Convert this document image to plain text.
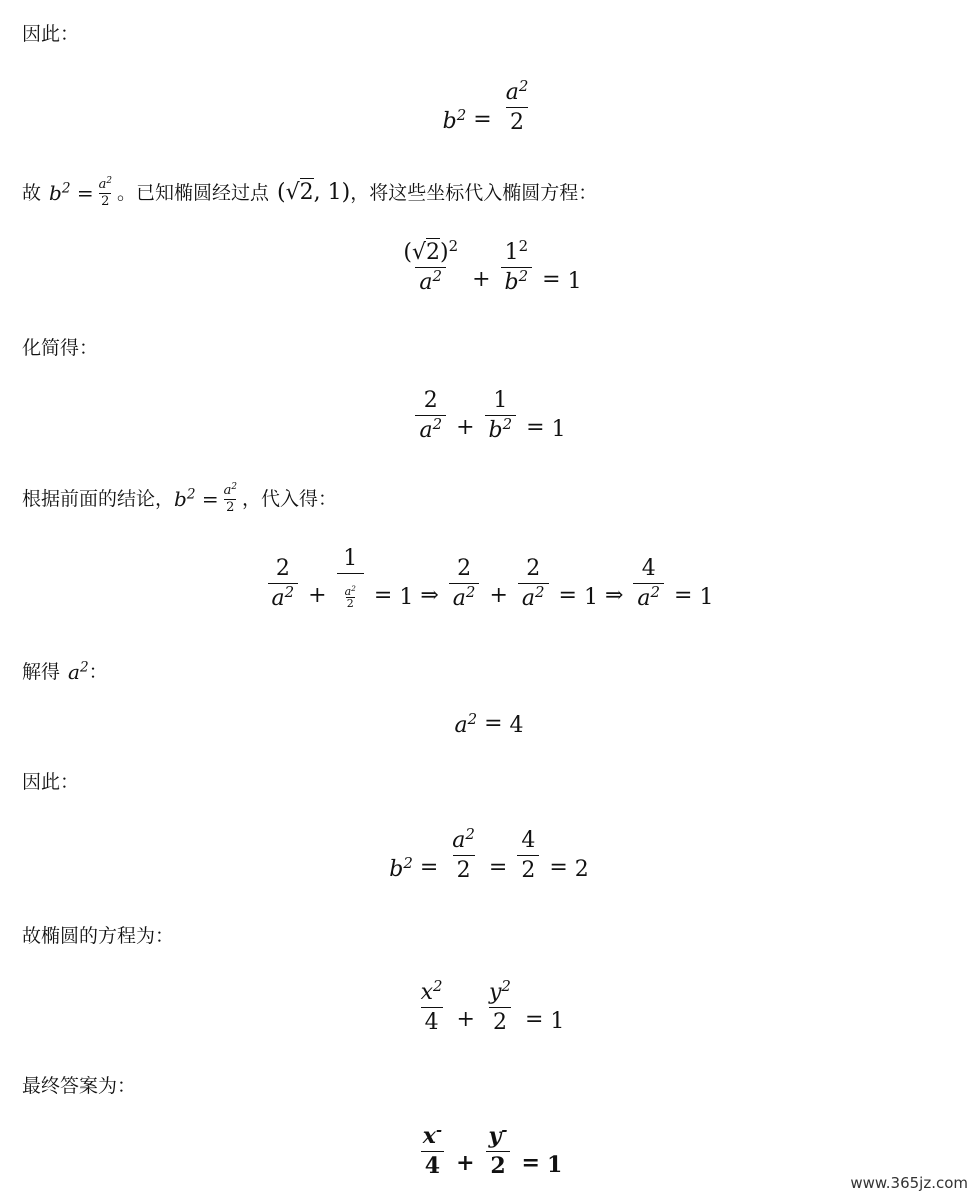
因此：
$b^2 = \frac{a^2}{2}$
故 $b^2 = \frac{a^2}{2}$ 。已知椭圆经过点 (√2, 1) ，将这些坐标代入椭圆方程：
$\frac{(√2)^2}{a^2} + \frac{1^2}{b^2} = 1$
化简得：
$\frac{2}{a^2} + \frac{1}{b^2} = 1$
根据前面的结论， $b^2 = \frac{a^2}{2}$ ，代入得：
$\frac{2}{a^2} + \frac{1}{\frac{a^2}{2}} = 1$ ⇒ $\frac{2}{a^2} + \frac{2}{a^2} = 1$ ⇒ $\frac{4}{a^2} = 1$
解得 $a^2$ ：
$a^2 = 4$
因此：
$b^2 = \frac{a^2}{2} = \frac{4}{2} = 2$
故椭圆的方程为：
$\frac{x^2}{4} + \frac{y^2}{2} = 1$
最终答案为：
$\frac{x^-}{4} + \frac{y^-}{2} = 1$
www.365jz.com
